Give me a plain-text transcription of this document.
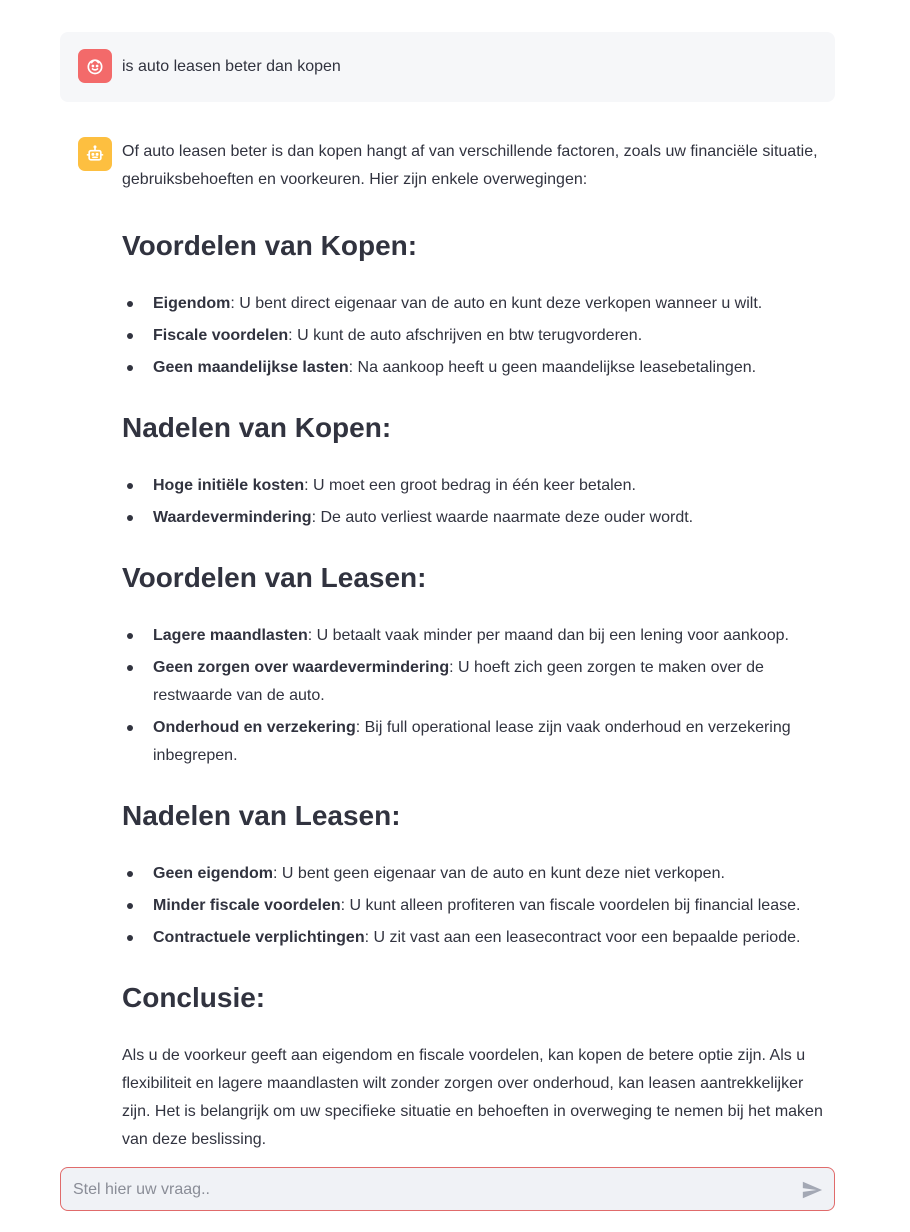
is auto leasen beter dan kopen

Of auto leasen beter is dan kopen hangt af van verschillende factoren, zoals uw financiële situatie, gebruiksbehoeften en voorkeuren. Hier zijn enkele overwegingen:

Voordelen van Kopen:
Eigendom: U bent direct eigenaar van de auto en kunt deze verkopen wanneer u wilt.
Fiscale voordelen: U kunt de auto afschrijven en btw terugvorderen.
Geen maandelijkse lasten: Na aankoop heeft u geen maandelijkse leasebetalingen.
Nadelen van Kopen:
Hoge initiële kosten: U moet een groot bedrag in één keer betalen.
Waardevermindering: De auto verliest waarde naarmate deze ouder wordt.
Voordelen van Leasen:
Lagere maandlasten: U betaalt vaak minder per maand dan bij een lening voor aankoop.
Geen zorgen over waardevermindering: U hoeft zich geen zorgen te maken over de restwaarde van de auto.
Onderhoud en verzekering: Bij full operational lease zijn vaak onderhoud en verzekering inbegrepen.
Nadelen van Leasen:
Geen eigendom: U bent geen eigenaar van de auto en kunt deze niet verkopen.
Minder fiscale voordelen: U kunt alleen profiteren van fiscale voordelen bij financial lease.
Contractuele verplichtingen: U zit vast aan een leasecontract voor een bepaalde periode.
Conclusie:

Als u de voorkeur geeft aan eigendom en fiscale voordelen, kan kopen de betere optie zijn. Als u flexibiliteit en lagere maandlasten wilt zonder zorgen over onderhoud, kan leasen aantrekkelijker zijn. Het is belangrijk om uw specifieke situatie en behoeften in overweging te nemen bij het maken van deze beslissing.

Stel hier uw vraag..
